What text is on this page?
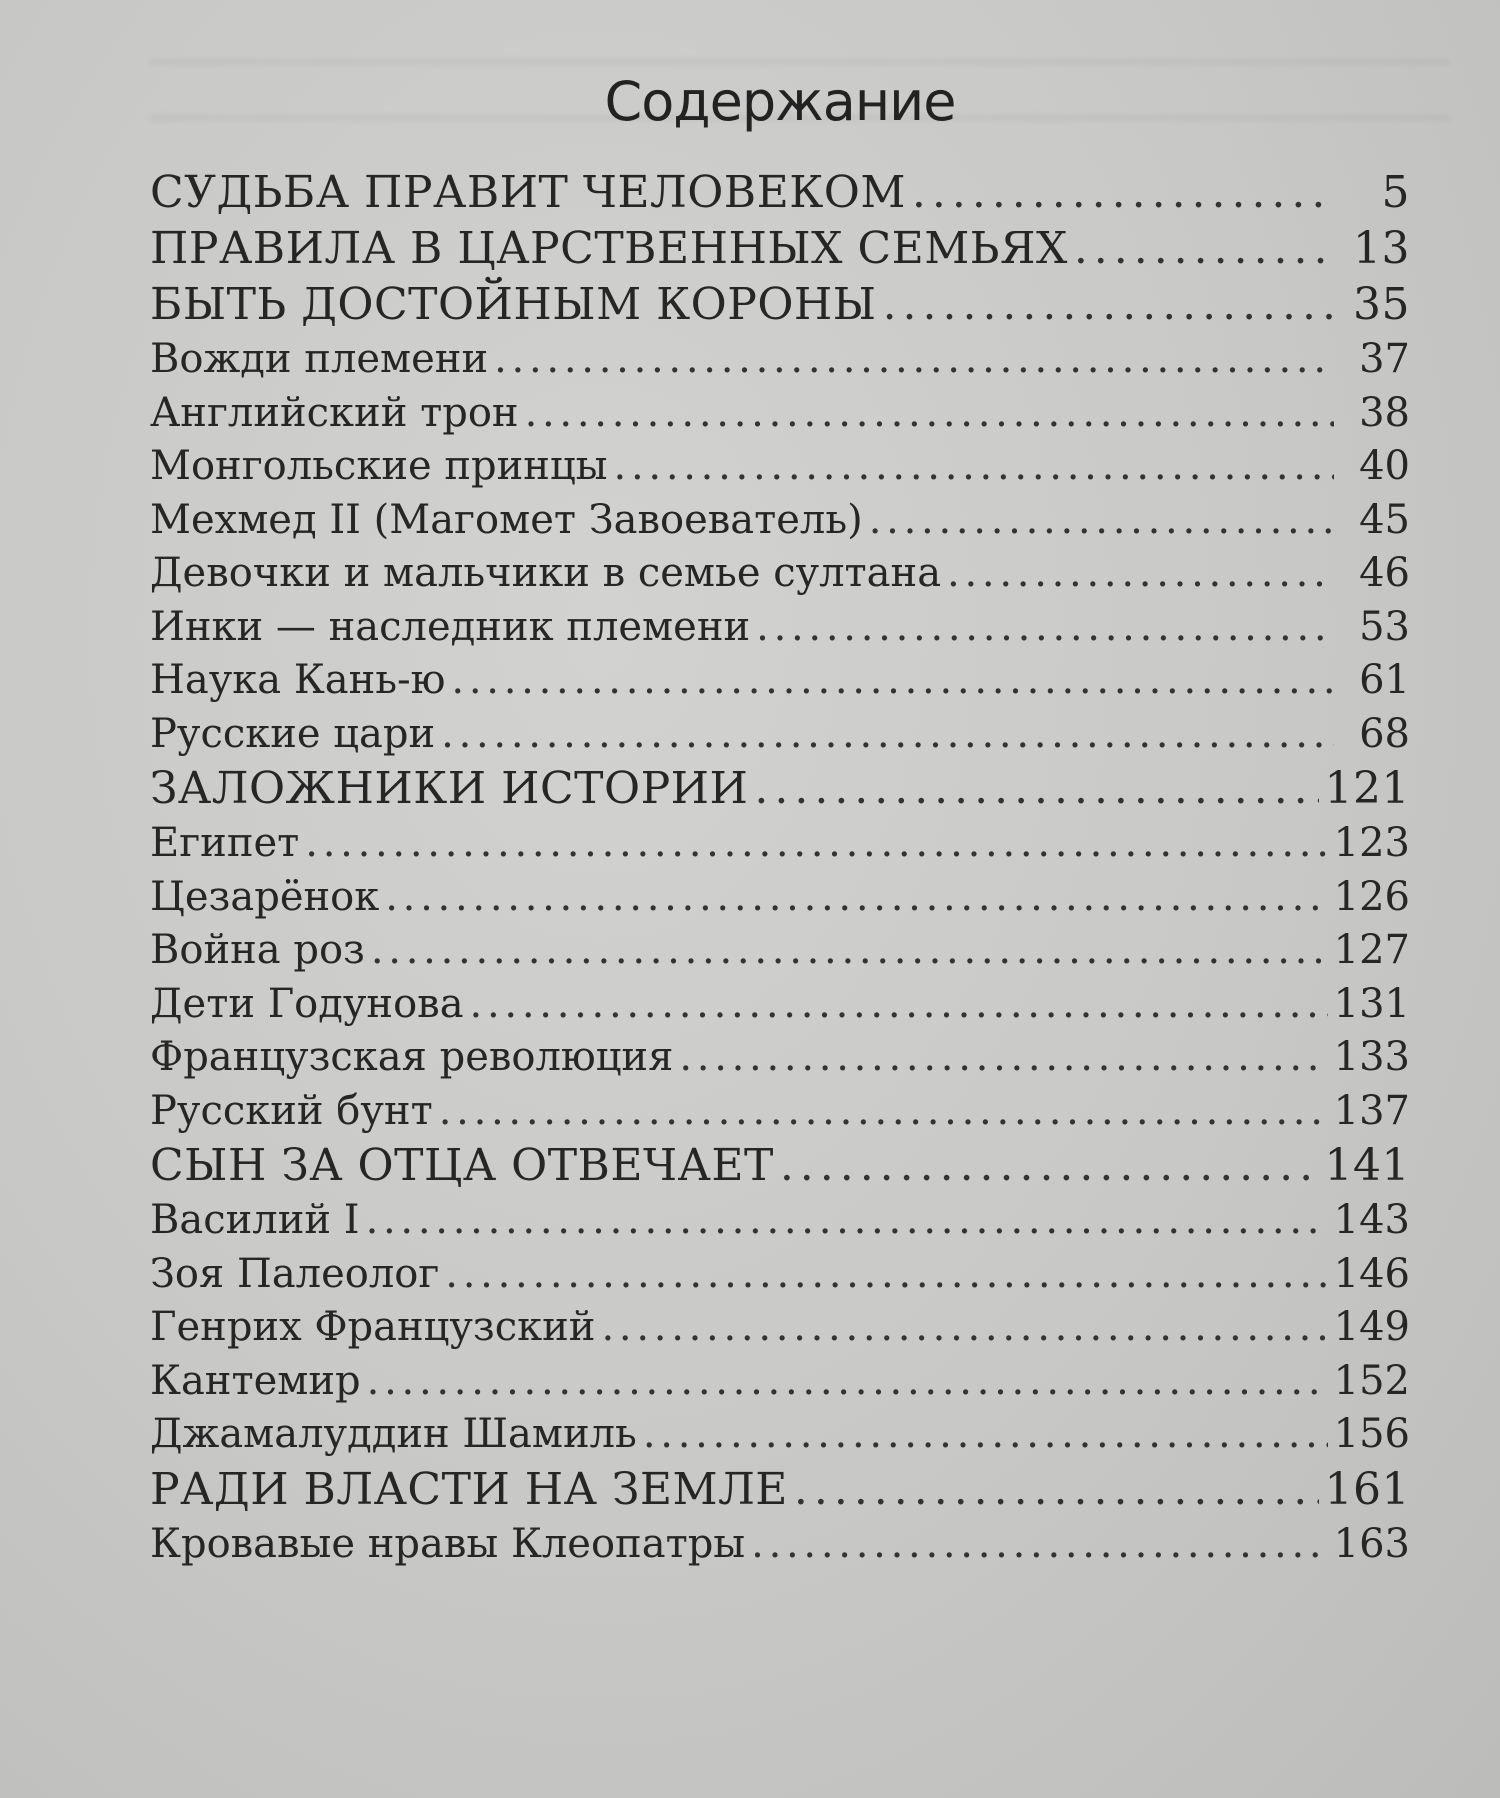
Содержание
СУДЬБА ПРАВИТ ЧЕЛОВЕКОМ . . .	5
ПРАВИЛА В ЦАРСТВЕННЫХ СЕМЬЯХ . . .	13
БЫТЬ ДОСТОЙНЫМ КОРОНЫ . . .	35
Вожди племени . . .	37
Английский трон . . .	38
Монгольские принцы . . .	40
Мехмед II (Магомет Завоеватель) . . .	45
Девочки и мальчики в семье султана . . .	46
Инки — наследник племени . . .	53
Наука Кань-ю . . .	61
Русские цари . . .	68
ЗАЛОЖНИКИ ИСТОРИИ . . .	121
Египет . . .	123
Цезарёнок . . .	126
Война роз . . .	127
Дети Годунова . . .	131
Французская революция . . .	133
Русский бунт . . .	137
СЫН ЗА ОТЦА ОТВЕЧАЕТ . . .	141
Василий I . . .	143
Зоя Палеолог . . .	146
Генрих Французский . . .	149
Кантемир . . .	152
Джамалуддин Шамиль . . .	156
РАДИ ВЛАСТИ НА ЗЕМЛЕ . . .	161
Кровавые нравы Клеопатры . . .	163
